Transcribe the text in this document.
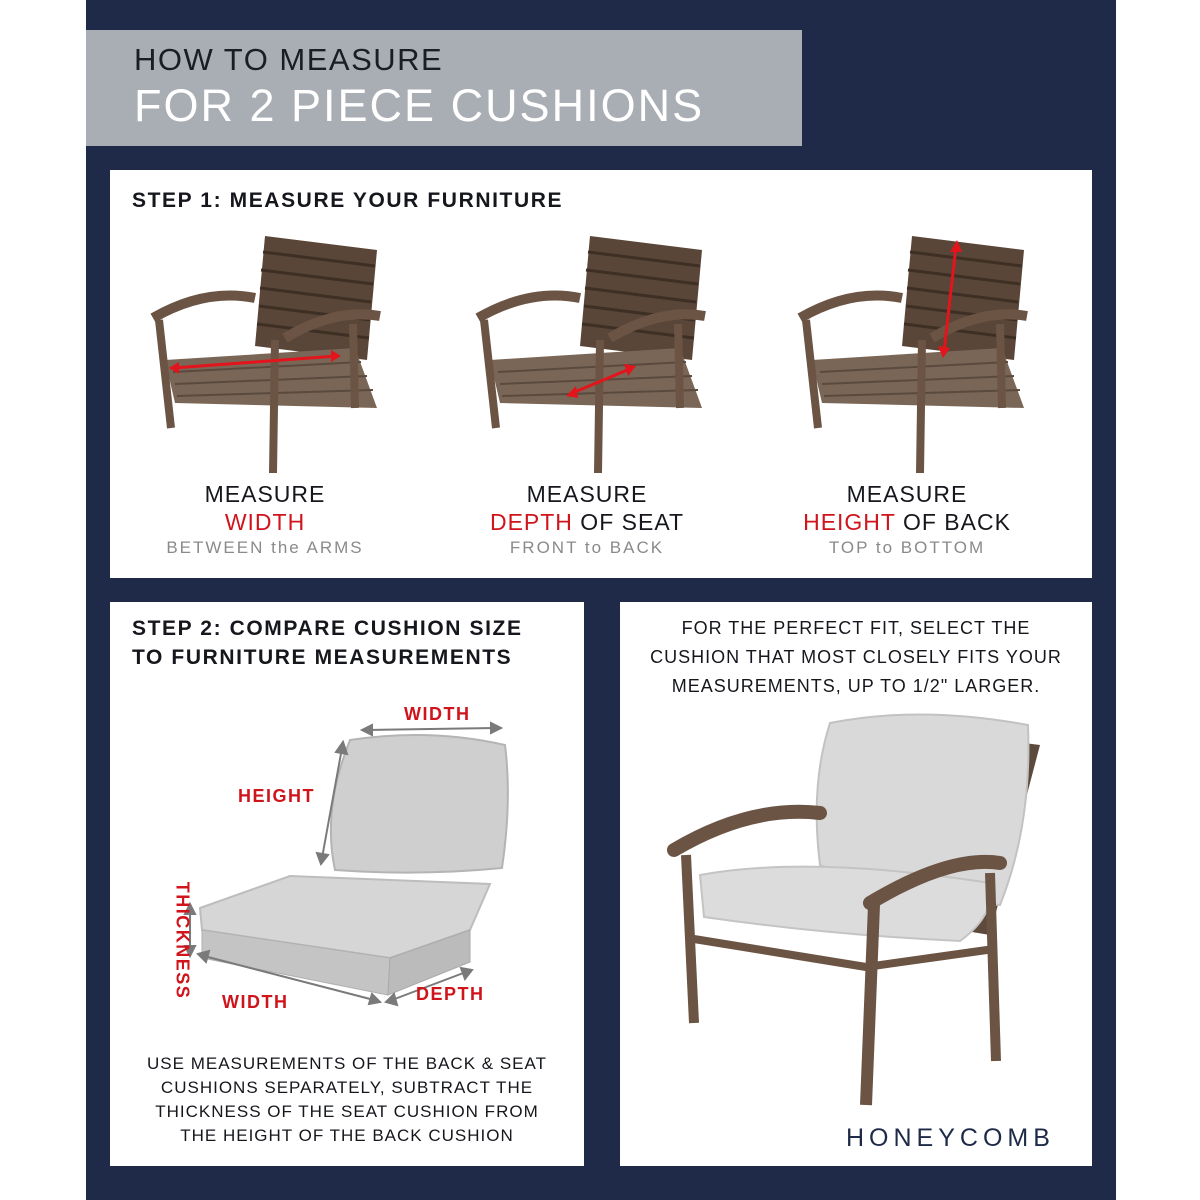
HOW TO MEASURE
FOR 2 PIECE CUSHIONS
STEP 1: MEASURE YOUR FURNITURE
MEASURE
WIDTH
BETWEEN the ARMS
MEASURE
DEPTH OF SEAT
FRONT to BACK
MEASURE
HEIGHT OF BACK
TOP to BOTTOM
STEP 2: COMPARE CUSHION SIZE
TO FURNITURE MEASUREMENTS
WIDTH
HEIGHT
THICKNESS
WIDTH	DEPTH
USE MEASUREMENTS OF THE BACK & SEAT
CUSHIONS SEPARATELY, SUBTRACT THE
THICKNESS OF THE SEAT CUSHION FROM
THE HEIGHT OF THE BACK CUSHION
FOR THE PERFECT FIT, SELECT THE
CUSHION THAT MOST CLOSELY FITS YOUR
MEASUREMENTS, UP TO 1/2" LARGER.
HONEYCOMB
